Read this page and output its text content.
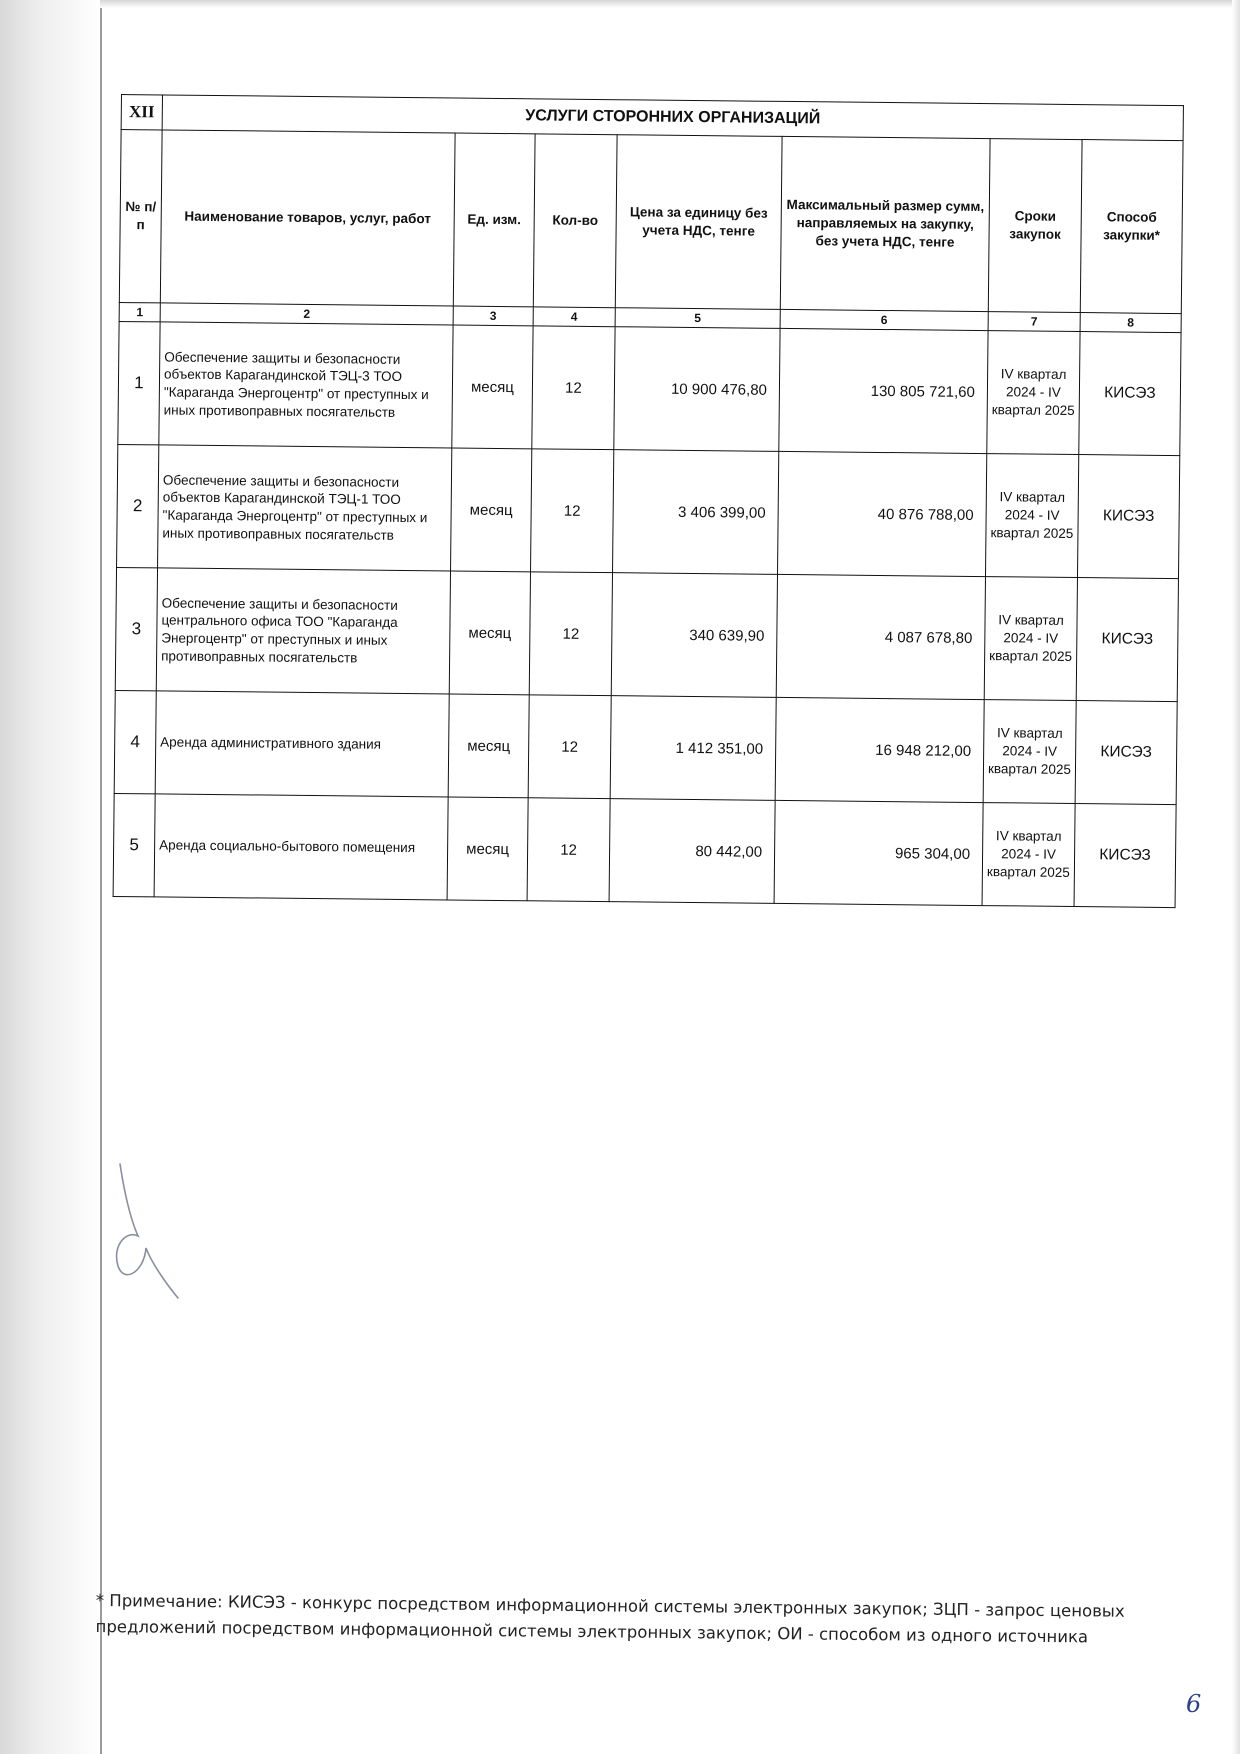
XII	УСЛУГИ СТОРОННИХ ОРГАНИЗАЦИЙ						
№ п/п	Наименование товаров, услуг, работ	Ед. изм.	Кол-во	Цена за единицу без учета НДС, тенге	Максимальный размер сумм, направляемых на закупку, без учета НДС, тенге	Сроки закупок	Способ закупки*
1	2	3	4	5	6	7	8
1	Обеспечение защиты и безопасности объектов Карагандинской ТЭЦ-3 ТОО "Караганда Энергоцентр" от преступных и иных противоправных посягательств	месяц	12	10 900 476,80	130 805 721,60	IV квартал 2024 - IV квартал 2025	КИСЭЗ
2	Обеспечение защиты и безопасности объектов Карагандинской ТЭЦ-1 ТОО "Караганда Энергоцентр" от преступных и иных противоправных посягательств	месяц	12	3 406 399,00	40 876 788,00	IV квартал 2024 - IV квартал 2025	КИСЭЗ
3	Обеспечение защиты и безопасности центрального офиса ТОО "Караганда Энергоцентр" от преступных и иных противоправных посягательств	месяц	12	340 639,90	4 087 678,80	IV квартал 2024 - IV квартал 2025	КИСЭЗ
4	Аренда административного здания	месяц	12	1 412 351,00	16 948 212,00	IV квартал 2024 - IV квартал 2025	КИСЭЗ
5	Аренда социально-бытового помещения	месяц	12	80 442,00	965 304,00	IV квартал 2024 - IV квартал 2025	КИСЭЗ
* Примечание: КИСЭЗ - конкурс посредством информационной системы электронных закупок; ЗЦП - запрос ценовых предложений посредством информационной системы электронных закупок; ОИ - способом из одного источника
6
